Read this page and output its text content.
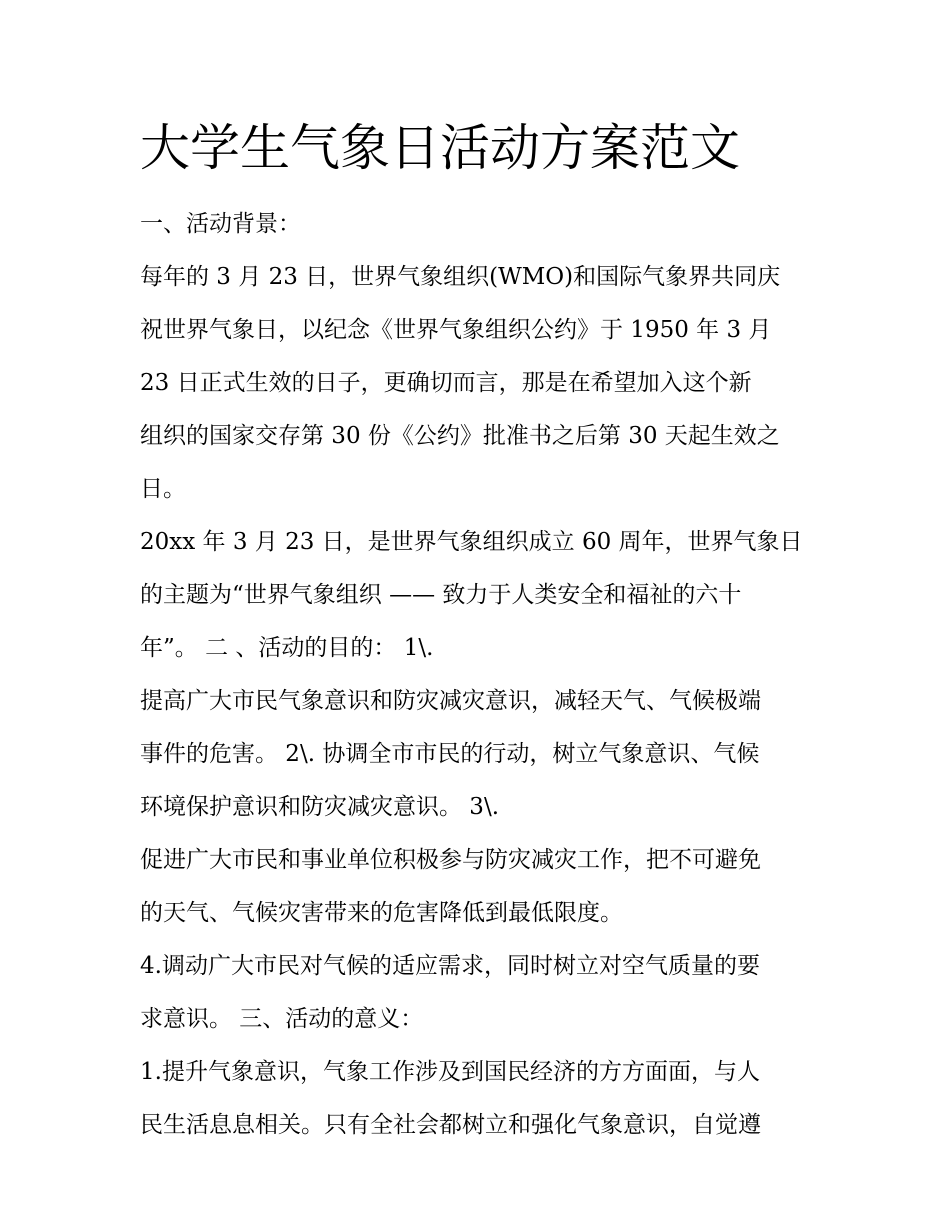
大学生气象日活动方案范文
一、活动背景：
每年的 3 月 23 日，世界气象组织(WMO)和国际气象界共同庆
祝世界气象日，以纪念《世界气象组织公约》于 1950 年 3 月
23 日正式生效的日子，更确切而言，那是在希望加入这个新
组织的国家交存第 30 份《公约》批准书之后第 30 天起生效之
日。
20xx 年 3 月 23 日，是世界气象组织成立 60 周年，世界气象日
的主题为“世界气象组织 —— 致力于人类安全和福祉的六十
年”。 二 、活动的目的： 1\.
提高广大市民气象意识和防灾减灾意识，减轻天气、气候极端
事件的危害。 2\. 协调全市市民的行动，树立气象意识、气候
环境保护意识和防灾减灾意识。 3\.
促进广大市民和事业单位积极参与防灾减灾工作，把不可避免
的天气、气候灾害带来的危害降低到最低限度。
4.调动广大市民对气候的适应需求，同时树立对空气质量的要
求意识。 三、活动的意义：
1.提升气象意识，气象工作涉及到国民经济的方方面面，与人
民生活息息相关。只有全社会都树立和强化气象意识，自觉遵
